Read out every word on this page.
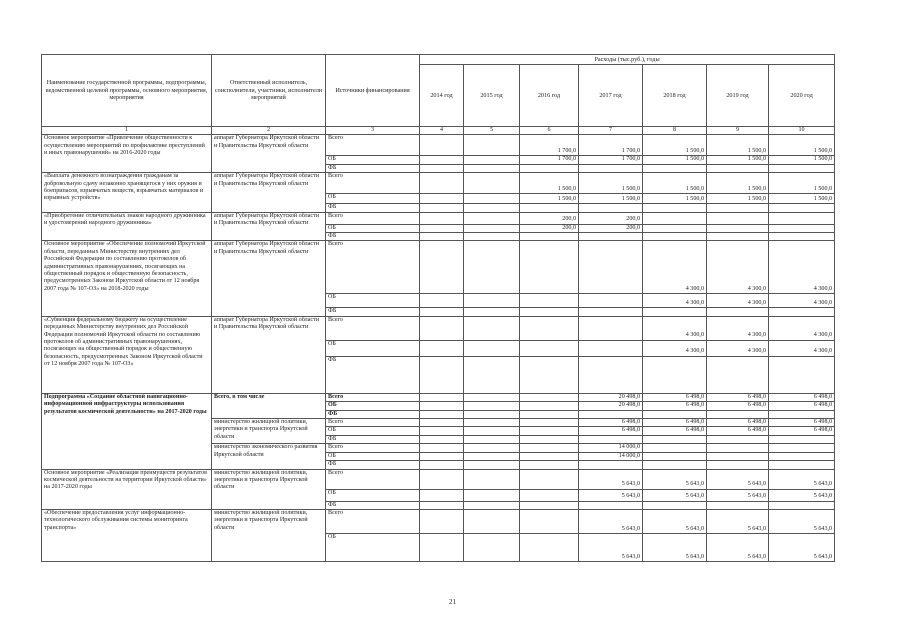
Наименование государственной программы, подпрограммы, ведомственной целевой программы, основного мероприятия, мероприятия	Ответственный исполнитель, соисполнители, участники, исполнители мероприятий	Источники финансирования	Расходы (тыс.руб.), годы						
			2014 год	2015 год	2016 год	2017 год	2018 год	2019 год	2020 год
1	2	3	4	5	6	7	8	9	10
Основное мероприятие «Привлечение общественности к осуществлению мероприятий по профилактике преступлений и иных правонарушений» на 2016-2020 годы	аппарат Губернатора Иркутской области и Правительства Иркутской области	Всего			1 700,0	1 700,0	1 500,0	1 500,0	1 500,0
		ОБ			1 700,0	1 700,0	1 500,0	1 500,0	1 500,0
		ФБ							
«Выплата денежного вознаграждения гражданам за добровольную сдачу незаконно хранящегося у них оружия и боеприпасов, взрывчатых веществ, взрывчатых материалов и взрывных устройств»	аппарат Губернатора Иркутской области и Правительства Иркутской области	Всего			1 500,0	1 500,0	1 500,0	1 500,0	1 500,0
		ОБ			1 500,0	1 500,0	1 500,0	1 500,0	1 500,0
		ФБ							
«Приобретение отличительных знаков народного дружинника и удостоверений народного дружинника»	аппарат Губернатора Иркутской области и Правительства Иркутской области	Всего			200,0	200,0			
		ОБ			200,0	200,0			
		ФБ							
Основное мероприятие «Обеспечение полномочий Иркутской области, переданных Министерству внутренних дел Российской Федерации по составлению протоколов об административных правонарушениях, посягающих на общественный порядок и общественную безопасность, предусмотренных Законом Иркутской области от 12 ноября 2007 года № 107-ОЗ» на 2018-2020 годы	аппарат Губернатора Иркутской области и Правительства Иркутской области	Всего					4 300,0	4 300,0	4 300,0
		ОБ					4 300,0	4 300,0	4 300,0
		ФБ							
«Субвенция федеральному бюджету на осуществление переданных Министерству внутренних дел Российской Федерации полномочий Иркутской области по составлению протоколов об административных правонарушениях, посягающих на общественный порядок и общественную безопасность, предусмотренных Законом Иркутской области от 12 ноября 2007 года № 107-ОЗ»	аппарат Губернатора Иркутской области и Правительства Иркутской области	Всего					4 300,0	4 300,0	4 300,0
		ОБ					4 300,0	4 300,0	4 300,0
		ФБ							
Подпрограмма «Создание областной навигационно-информационной инфраструктуры использования результатов космической деятельности» на 2017-2020 годы	Всего, в том числе	Всего				20 498,0	6 498,0	6 498,0	6 498,0
		ОБ				20 498,0	6 498,0	6 498,0	6 498,0
		ФБ							
	министерство жилищной политики, энергетики и транспорта Иркутской области	Всего				6 498,0	6 498,0	6 498,0	6 498,0
		ОБ				6 498,0	6 498,0	6 498,0	6 498,0
		ФБ							
	министерство экономического развития Иркутской области	Всего				14 000,0			
		ОБ				14 000,0			
		ФБ							
Основное мероприятие «Реализация преимуществ результатов космической деятельности на территории Иркутской области» на 2017-2020 годы	министерство жилищной политики, энергетики и транспорта Иркутской области	Всего				5 643,0	5 643,0	5 643,0	5 643,0
		ОБ				5 643,0	5 643,0	5 643,0	5 643,0
		ФБ							
«Обеспечение предоставления услуг информационно-технологического обслуживания системы мониторинга транспорта»	министерство жилищной политики, энергетики и транспорта Иркутской области	Всего				5 643,0	5 643,0	5 643,0	5 643,0
		ОБ				5 643,0	5 643,0	5 643,0	5 643,0
21
